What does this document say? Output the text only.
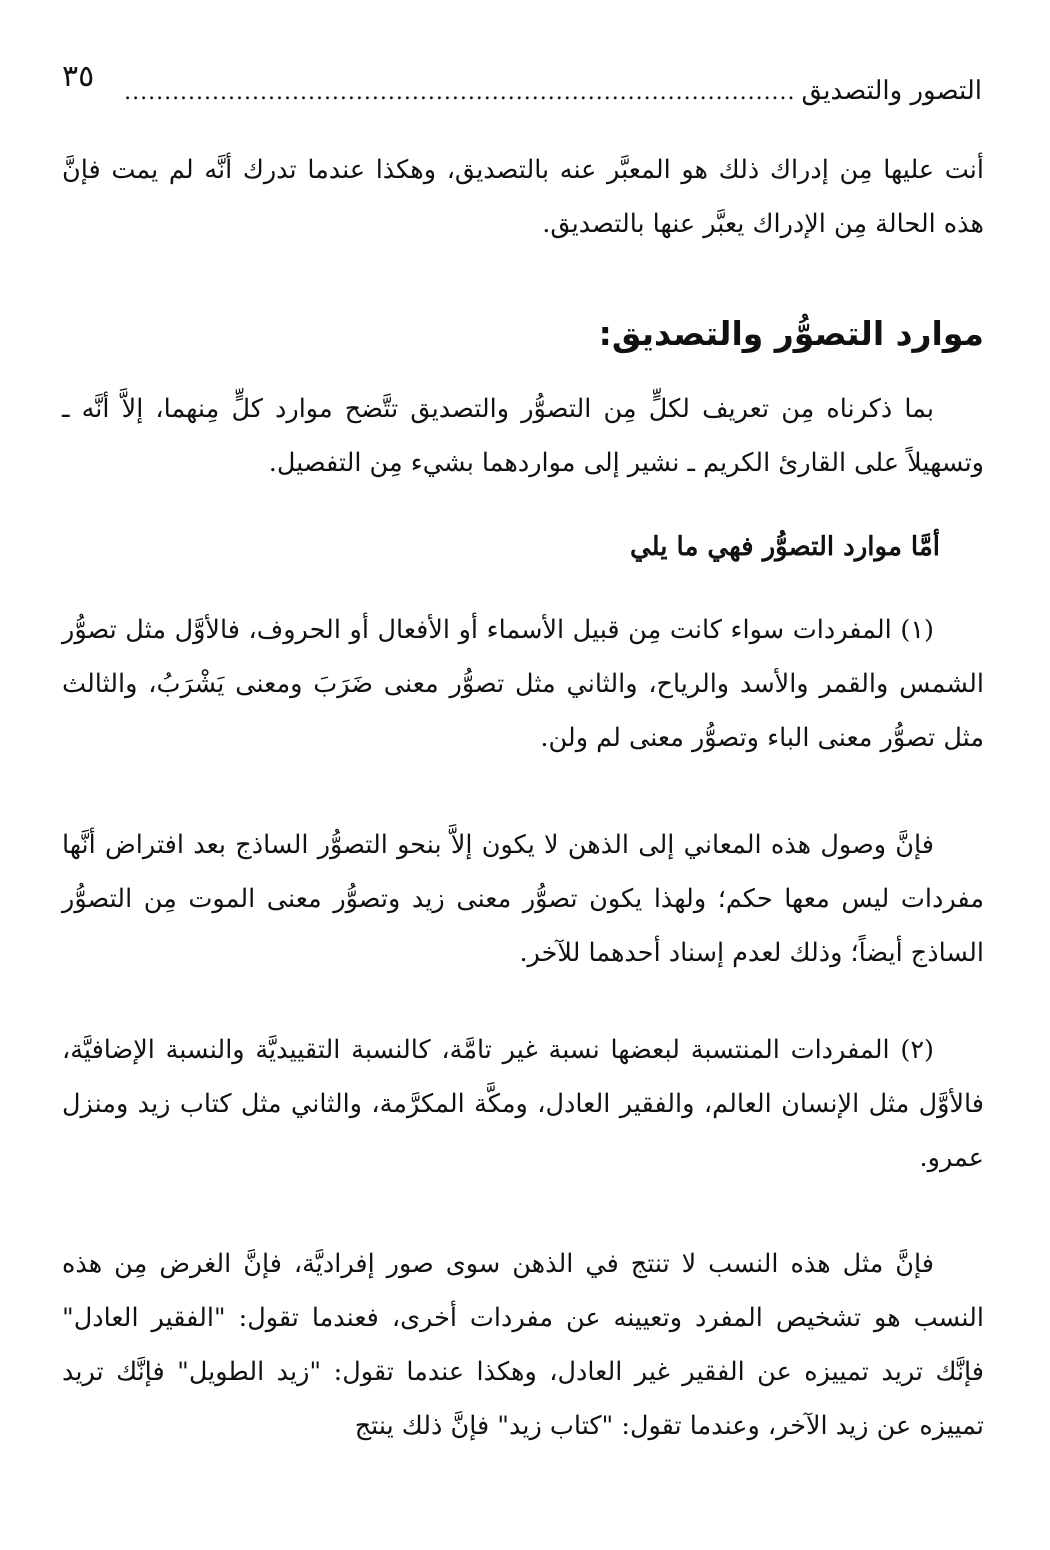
التصور والتصديق
....................................................................................
٣٥

أنت عليها مِن إدراك ذلك هو المعبَّر عنه بالتصديق، وهكذا عندما تدرك أنَّه لم يمت فإنَّ هذه الحالة مِن الإدراك يعبَّر عنها بالتصديق.

موارد التصوُّر والتصديق:

بما ذكرناه مِن تعريف لكلٍّ مِن التصوُّر والتصديق تتَّضح موارد كلٍّ مِنهما، إلاَّ أنَّه ـ وتسهيلاً على القارئ الكريم ـ نشير إلى مواردهما بشيء مِن التفصيل.

أمَّا موارد التصوُّر فهي ما يلي

(١) المفردات سواء كانت مِن قبيل الأسماء أو الأفعال أو الحروف، فالأوَّل مثل تصوُّر الشمس والقمر والأسد والرياح، والثاني مثل تصوُّر معنى ضَرَبَ ومعنى يَشْرَبُ، والثالث مثل تصوُّر معنى الباء وتصوُّر معنى لم ولن.

فإنَّ وصول هذه المعاني إلى الذهن لا يكون إلاَّ بنحو التصوُّر الساذج بعد افتراض أنَّها مفردات ليس معها حكم؛ ولهذا يكون تصوُّر معنى زيد وتصوُّر معنى الموت مِن التصوُّر الساذج أيضاً؛ وذلك لعدم إسناد أحدهما للآخر.

(٢) المفردات المنتسبة لبعضها نسبة غير تامَّة، كالنسبة التقييديَّة والنسبة الإضافيَّة، فالأوَّل مثل الإنسان العالم، والفقير العادل، ومكَّة المكرَّمة، والثاني مثل كتاب زيد ومنزل عمرو.

فإنَّ مثل هذه النسب لا تنتج في الذهن سوى صور إفراديَّة، فإنَّ الغرض مِن هذه النسب هو تشخيص المفرد وتعيينه عن مفردات أخرى، فعندما تقول: "الفقير العادل" فإنَّك تريد تمييزه عن الفقير غير العادل، وهكذا عندما تقول: "زيد الطويل" فإنَّك تريد تمييزه عن زيد الآخر، وعندما تقول: "كتاب زيد" فإنَّ ذلك ينتج
